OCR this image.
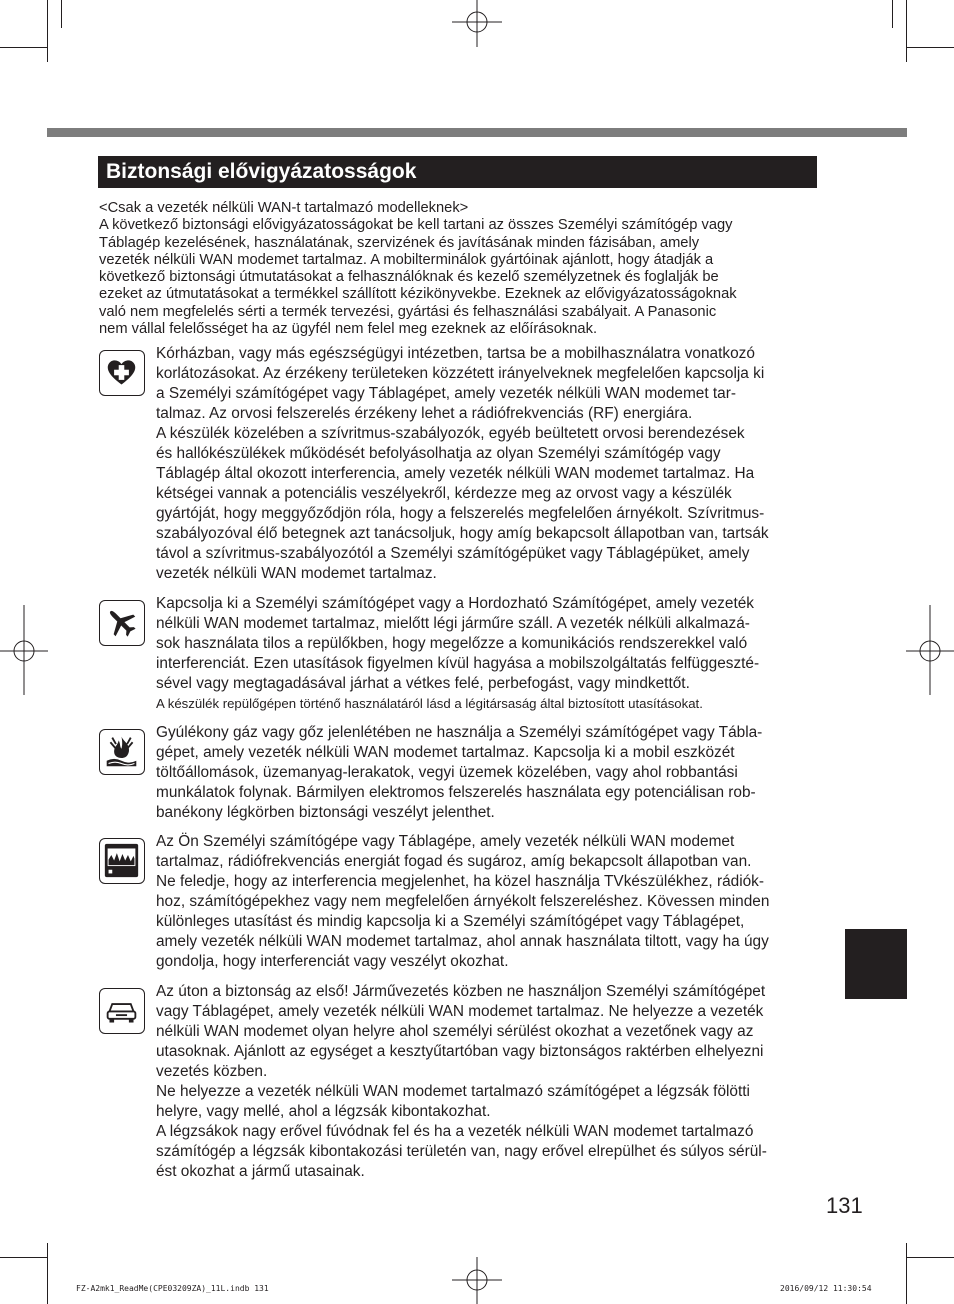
Biztonsági elővigyázatosságok
<Csak a vezeték nélküli WAN-t tartalmazó modelleknek>
A következő biztonsági elővigyázatosságokat be kell tartani az összes Személyi számítógép vagy
Táblagép kezelésének, használatának, szervizének és javításának minden fázisában, amely
vezeték nélküli WAN modemet tartalmaz. A mobilterminálok gyártóinak ajánlott, hogy átadják a
következő biztonsági útmutatásokat a felhasználóknak és kezelő személyzetnek és foglalják be
ezeket az útmutatásokat a termékkel szállított kézikönyvekbe. Ezeknek az elővigyázatosságoknak
való nem megfelelés sérti a termék tervezési, gyártási és felhasználási szabályait. A Panasonic
nem vállal felelősséget ha az ügyfél nem felel meg ezeknek az előírásoknak.
Kórházban, vagy más egészségügyi intézetben, tartsa be a mobilhasználatra vonatkozó
korlátozásokat. Az érzékeny területeken közzétett irányelveknek megfelelően kapcsolja ki
a Személyi számítógépet vagy Táblagépet, amely vezeték nélküli WAN modemet tar-
talmaz. Az orvosi felszerelés érzékeny lehet a rádiófrekvenciás (RF) energiára.
A készülék közelében a szívritmus-szabályozók, egyéb beültetett orvosi berendezések
és hallókészülékek működését befolyásolhatja az olyan Személyi számítógép vagy
Táblagép által okozott interferencia, amely vezeték nélküli WAN modemet tartalmaz. Ha
kétségei vannak a potenciális veszélyekről, kérdezze meg az orvost vagy a készülék
gyártóját, hogy meggyőződjön róla, hogy a felszerelés megfelelően árnyékolt. Szívritmus-
szabályozóval élő betegnek azt tanácsoljuk, hogy amíg bekapcsolt állapotban van, tartsák
távol a szívritmus-szabályozótól a Személyi számítógépüket vagy Táblagépüket, amely
vezeték nélküli WAN modemet tartalmaz.
Kapcsolja ki a Személyi számítógépet vagy a Hordozható Számítógépet, amely vezeték
nélküli WAN modemet tartalmaz, mielőtt légi járműre száll. A vezeték nélküli alkalmazá-
sok használata tilos a repülőkben, hogy megelőzze a komunikációs rendszerekkel való
interferenciát. Ezen utasítások figyelmen kívül hagyása a mobilszolgáltatás felfüggeszté-
sével vagy megtagadásával járhat a vétkes felé, perbefogást, vagy mindkettőt.
A készülék repülőgépen történő használatáról lásd a légitársaság által biztosított utasításokat.
Gyúlékony gáz vagy gőz jelenlétében ne használja a Személyi számítógépet vagy Tábla-
gépet, amely vezeték nélküli WAN modemet tartalmaz. Kapcsolja ki a mobil eszközét
töltőállomások, üzemanyag-lerakatok, vegyi üzemek közelében, vagy ahol robbantási
munkálatok folynak. Bármilyen elektromos felszerelés használata egy potenciálisan rob-
banékony légkörben biztonsági veszélyt jelenthet.
Az Ön Személyi számítógépe vagy Táblagépe, amely vezeték nélküli WAN modemet
tartalmaz, rádiófrekvenciás energiát fogad és sugároz, amíg bekapcsolt állapotban van.
Ne feledje, hogy az interferencia megjelenhet, ha közel használja TVkészülékhez, rádiók-
hoz, számítógépekhez vagy nem megfelelően árnyékolt felszereléshez. Kövessen minden
különleges utasítást és mindig kapcsolja ki a Személyi számítógépet vagy Táblagépet,
amely vezeték nélküli WAN modemet tartalmaz, ahol annak használata tiltott, vagy ha úgy
gondolja, hogy interferenciát vagy veszélyt okozhat.
Az úton a biztonság az első! Járművezetés közben ne használjon Személyi számítógépet
vagy Táblagépet, amely vezeték nélküli WAN modemet tartalmaz. Ne helyezze a vezeték
nélküli WAN modemet olyan helyre ahol személyi sérülést okozhat a vezetőnek vagy az
utasoknak. Ajánlott az egységet a kesztyűtartóban vagy biztonságos raktérben elhelyezni
vezetés közben.
Ne helyezze a vezeték nélküli WAN modemet tartalmazó számítógépet a légzsák fölötti
helyre, vagy mellé, ahol a légzsák kibontakozhat.
A légzsákok nagy erővel fúvódnak fel és ha a vezeték nélküli WAN modemet tartalmazó
számítógép a légzsák kibontakozási területén van, nagy erővel elrepülhet és súlyos sérül-
ést okozhat a jármű utasainak.
131
FZ-A2mk1_ReadMe(CPE03209ZA)_11L.indb 131	2016/09/12 11:30:54
